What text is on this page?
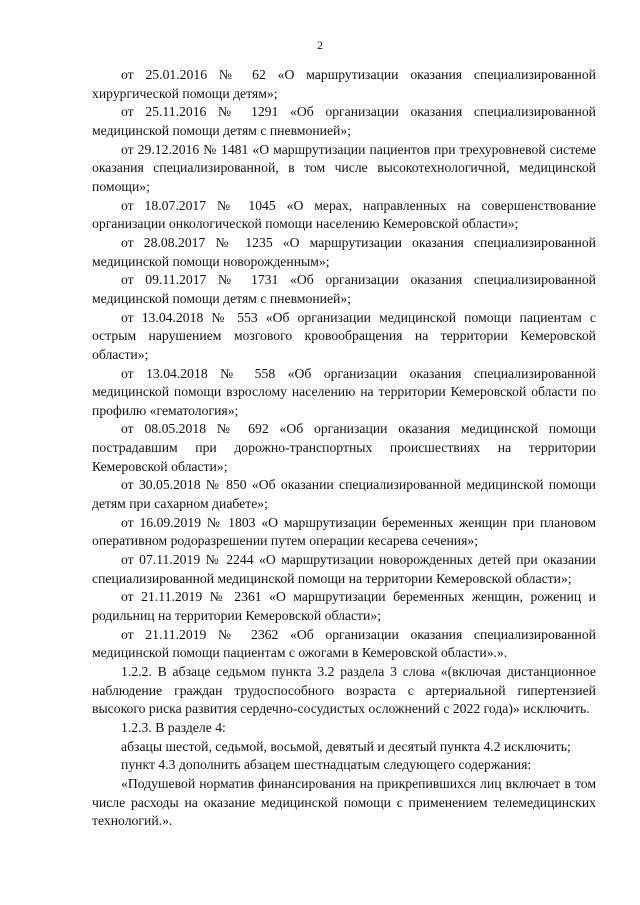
2

от 25.01.2016 № 62 «О маршрутизации оказания специализированной хирургической помощи детям»;

от 25.11.2016 № 1291 «Об организации оказания специализированной медицинской помощи детям с пневмонией»;

от 29.12.2016 № 1481 «О маршрутизации пациентов при трехуровневой системе оказания специализированной, в том числе высокотехнологичной, медицинской помощи»;

от 18.07.2017 № 1045 «О мерах, направленных на совершенствование организации онкологической помощи населению Кемеровской области»;

от 28.08.2017 № 1235 «О маршрутизации оказания специализированной медицинской помощи новорожденным»;

от 09.11.2017 № 1731 «Об организации оказания специализированной медицинской помощи детям с пневмонией»;

от 13.04.2018 № 553 «Об организации медицинской помощи пациентам с острым нарушением мозгового кровообращения на территории Кемеровской области»;

от 13.04.2018 № 558 «Об организации оказания специализированной медицинской помощи взрослому населению на территории Кемеровской области по профилю «гематология»;

от 08.05.2018 № 692 «Об организации оказания медицинской помощи пострадавшим при дорожно-транспортных происшествиях на территории Кемеровской области»;

от 30.05.2018 № 850 «Об оказании специализированной медицинской помощи детям при сахарном диабете»;

от 16.09.2019 № 1803 «О маршрутизации беременных женщин при плановом оперативном родоразрешении путем операции кесарева сечения»;

от 07.11.2019 № 2244 «О маршрутизации новорожденных детей при оказании специализированной медицинской помощи на территории Кемеровской области»;

от 21.11.2019 № 2361 «О маршрутизации беременных женщин, рожениц и родильниц на территории Кемеровской области»;

от 21.11.2019 № 2362 «Об организации оказания специализированной медицинской помощи пациентам с ожогами в Кемеровской области».».

1.2.2. В абзаце седьмом пункта 3.2 раздела 3 слова «(включая дистанционное наблюдение граждан трудоспособного возраста с артериальной гипертензией высокого риска развития сердечно-сосудистых осложнений с 2022 года)» исключить.

1.2.3. В разделе 4:

абзацы шестой, седьмой, восьмой, девятый и десятый пункта 4.2 исключить;

пункт 4.3 дополнить абзацем шестнадцатым следующего содержания:

«Подушевой норматив финансирования на прикрепившихся лиц включает в том числе расходы на оказание медицинской помощи с применением телемедицинских технологий.».
